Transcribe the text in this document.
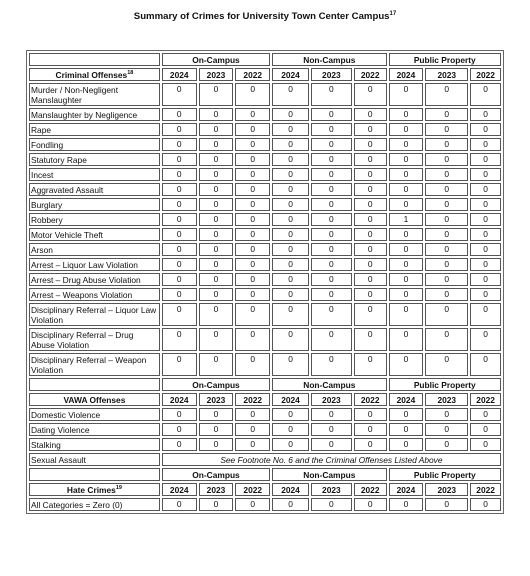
Summary of Crimes for University Town Center Campus$^{17}$
	On-Campus			Non-Campus			Public Property		
Criminal Offenses$^{18}$	2024	2023	2022	2024	2023	2022	2024	2023	2022
Murder / Non-Negligent Manslaughter	0	0	0	0	0	0	0	0	0
Manslaughter by Negligence	0	0	0	0	0	0	0	0	0
Rape	0	0	0	0	0	0	0	0	0
Fondling	0	0	0	0	0	0	0	0	0
Statutory Rape	0	0	0	0	0	0	0	0	0
Incest	0	0	0	0	0	0	0	0	0
Aggravated Assault	0	0	0	0	0	0	0	0	0
Burglary	0	0	0	0	0	0	0	0	0
Robbery	0	0	0	0	0	0	1	0	0
Motor Vehicle Theft	0	0	0	0	0	0	0	0	0
Arson	0	0	0	0	0	0	0	0	0
Arrest – Liquor Law Violation	0	0	0	0	0	0	0	0	0
Arrest – Drug Abuse Violation	0	0	0	0	0	0	0	0	0
Arrest – Weapons Violation	0	0	0	0	0	0	0	0	0
Disciplinary Referral – Liquor Law Violation	0	0	0	0	0	0	0	0	0
Disciplinary Referral – Drug Abuse Violation	0	0	0	0	0	0	0	0	0
Disciplinary Referral – Weapon Violation	0	0	0	0	0	0	0	0	0
	On-Campus			Non-Campus			Public Property		
VAWA Offenses	2024	2023	2022	2024	2023	2022	2024	2023	2022
Domestic Violence	0	0	0	0	0	0	0	0	0
Dating Violence	0	0	0	0	0	0	0	0	0
Stalking	0	0	0	0	0	0	0	0	0
Sexual Assault	See Footnote No. 6 and the Criminal Offenses Listed Above								
	On-Campus			Non-Campus			Public Property		
Hate Crimes$^{19}$	2024	2023	2022	2024	2023	2022	2024	2023	2022
All Categories = Zero (0)	0	0	0	0	0	0	0	0	0
